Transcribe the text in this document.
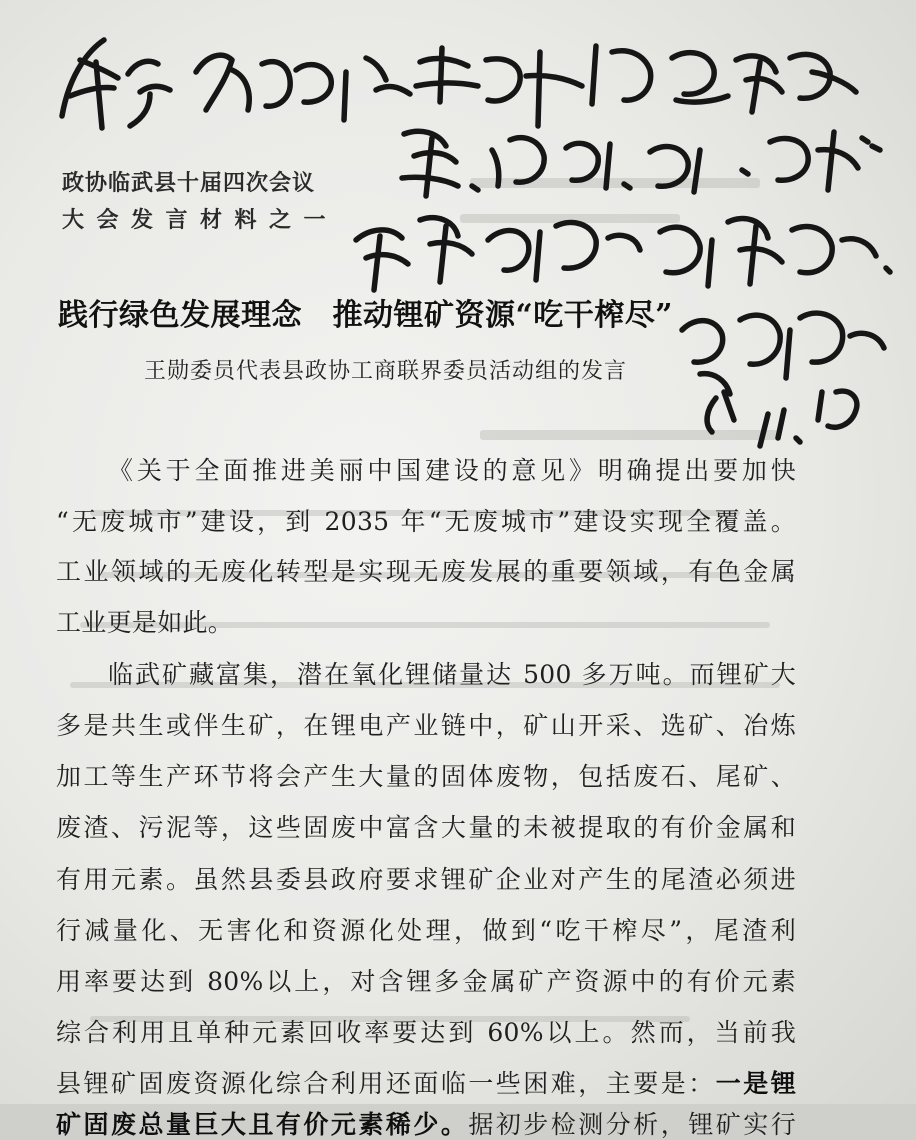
政协临武县十届四次会议
大会发言材料之一
践行绿色发展理念　推动锂矿资源“吃干榨尽”
王勋委员代表县政协工商联界委员活动组的发言
《关于全面推进美丽中国建设的意见》明确提出要加快
“无废城市”建设，到 2035 年“无废城市”建设实现全覆盖。
工业领域的无废化转型是实现无废发展的重要领域，有色金属
工业更是如此。
临武矿藏富集，潜在氧化锂储量达 500 多万吨。而锂矿大
多是共生或伴生矿，在锂电产业链中，矿山开采、选矿、冶炼
加工等生产环节将会产生大量的固体废物，包括废石、尾矿、
废渣、污泥等，这些固废中富含大量的未被提取的有价金属和
有用元素。虽然县委县政府要求锂矿企业对产生的尾渣必须进
行减量化、无害化和资源化处理，做到“吃干榨尽”，尾渣利
用率要达到 80%以上，对含锂多金属矿产资源中的有价元素
综合利用且单种元素回收率要达到 60%以上。然而，当前我
县锂矿固废资源化综合利用还面临一些困难，主要是：一是锂
矿固废总量巨大且有价元素稀少。据初步检测分析，锂矿实行
